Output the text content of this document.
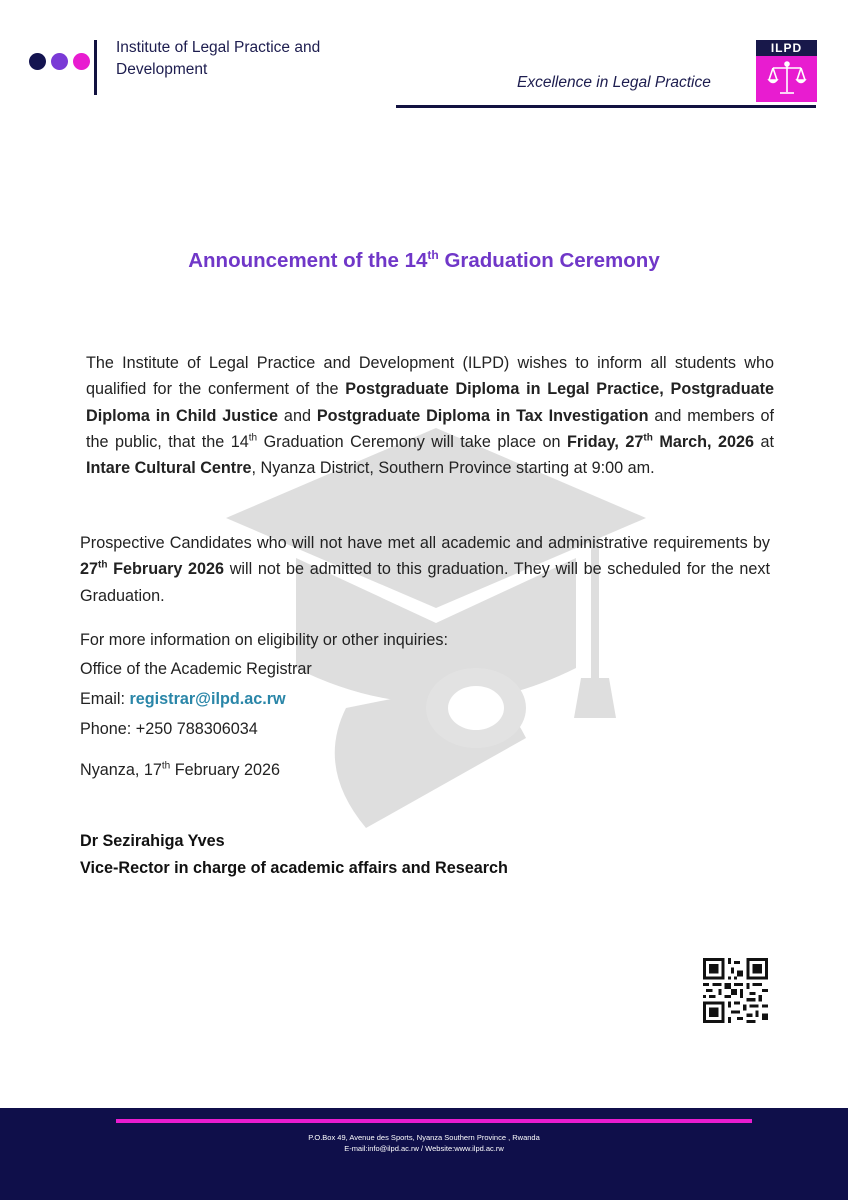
Institute of Legal Practice and
Development
Excellence in Legal Practice
ILPD
Announcement of the 14th Graduation Ceremony
The Institute of Legal Practice and Development (ILPD) wishes to inform all students who qualified for the conferment of the Postgraduate Diploma in Legal Practice, Postgraduate Diploma in Child Justice and Postgraduate Diploma in Tax Investigation and members of the public, that the 14th Graduation Ceremony will take place on Friday, 27th March, 2026 at Intare Cultural Centre, Nyanza District, Southern Province starting at 9:00 am.
Prospective Candidates who will not have met all academic and administrative requirements by 27th February 2026 will not be admitted to this graduation. They will be scheduled for the next Graduation.
For more information on eligibility or other inquiries:
Office of the Academic Registrar
Email: registrar@ilpd.ac.rw
Phone: +250 788306034
Nyanza, 17th February 2026
Dr Sezirahiga Yves
Vice-Rector in charge of academic affairs and Research
P.O.Box 49, Avenue des Sports, Nyanza Southern Province , Rwanda
E-mail:info@ilpd.ac.rw / Website:www.ilpd.ac.rw
